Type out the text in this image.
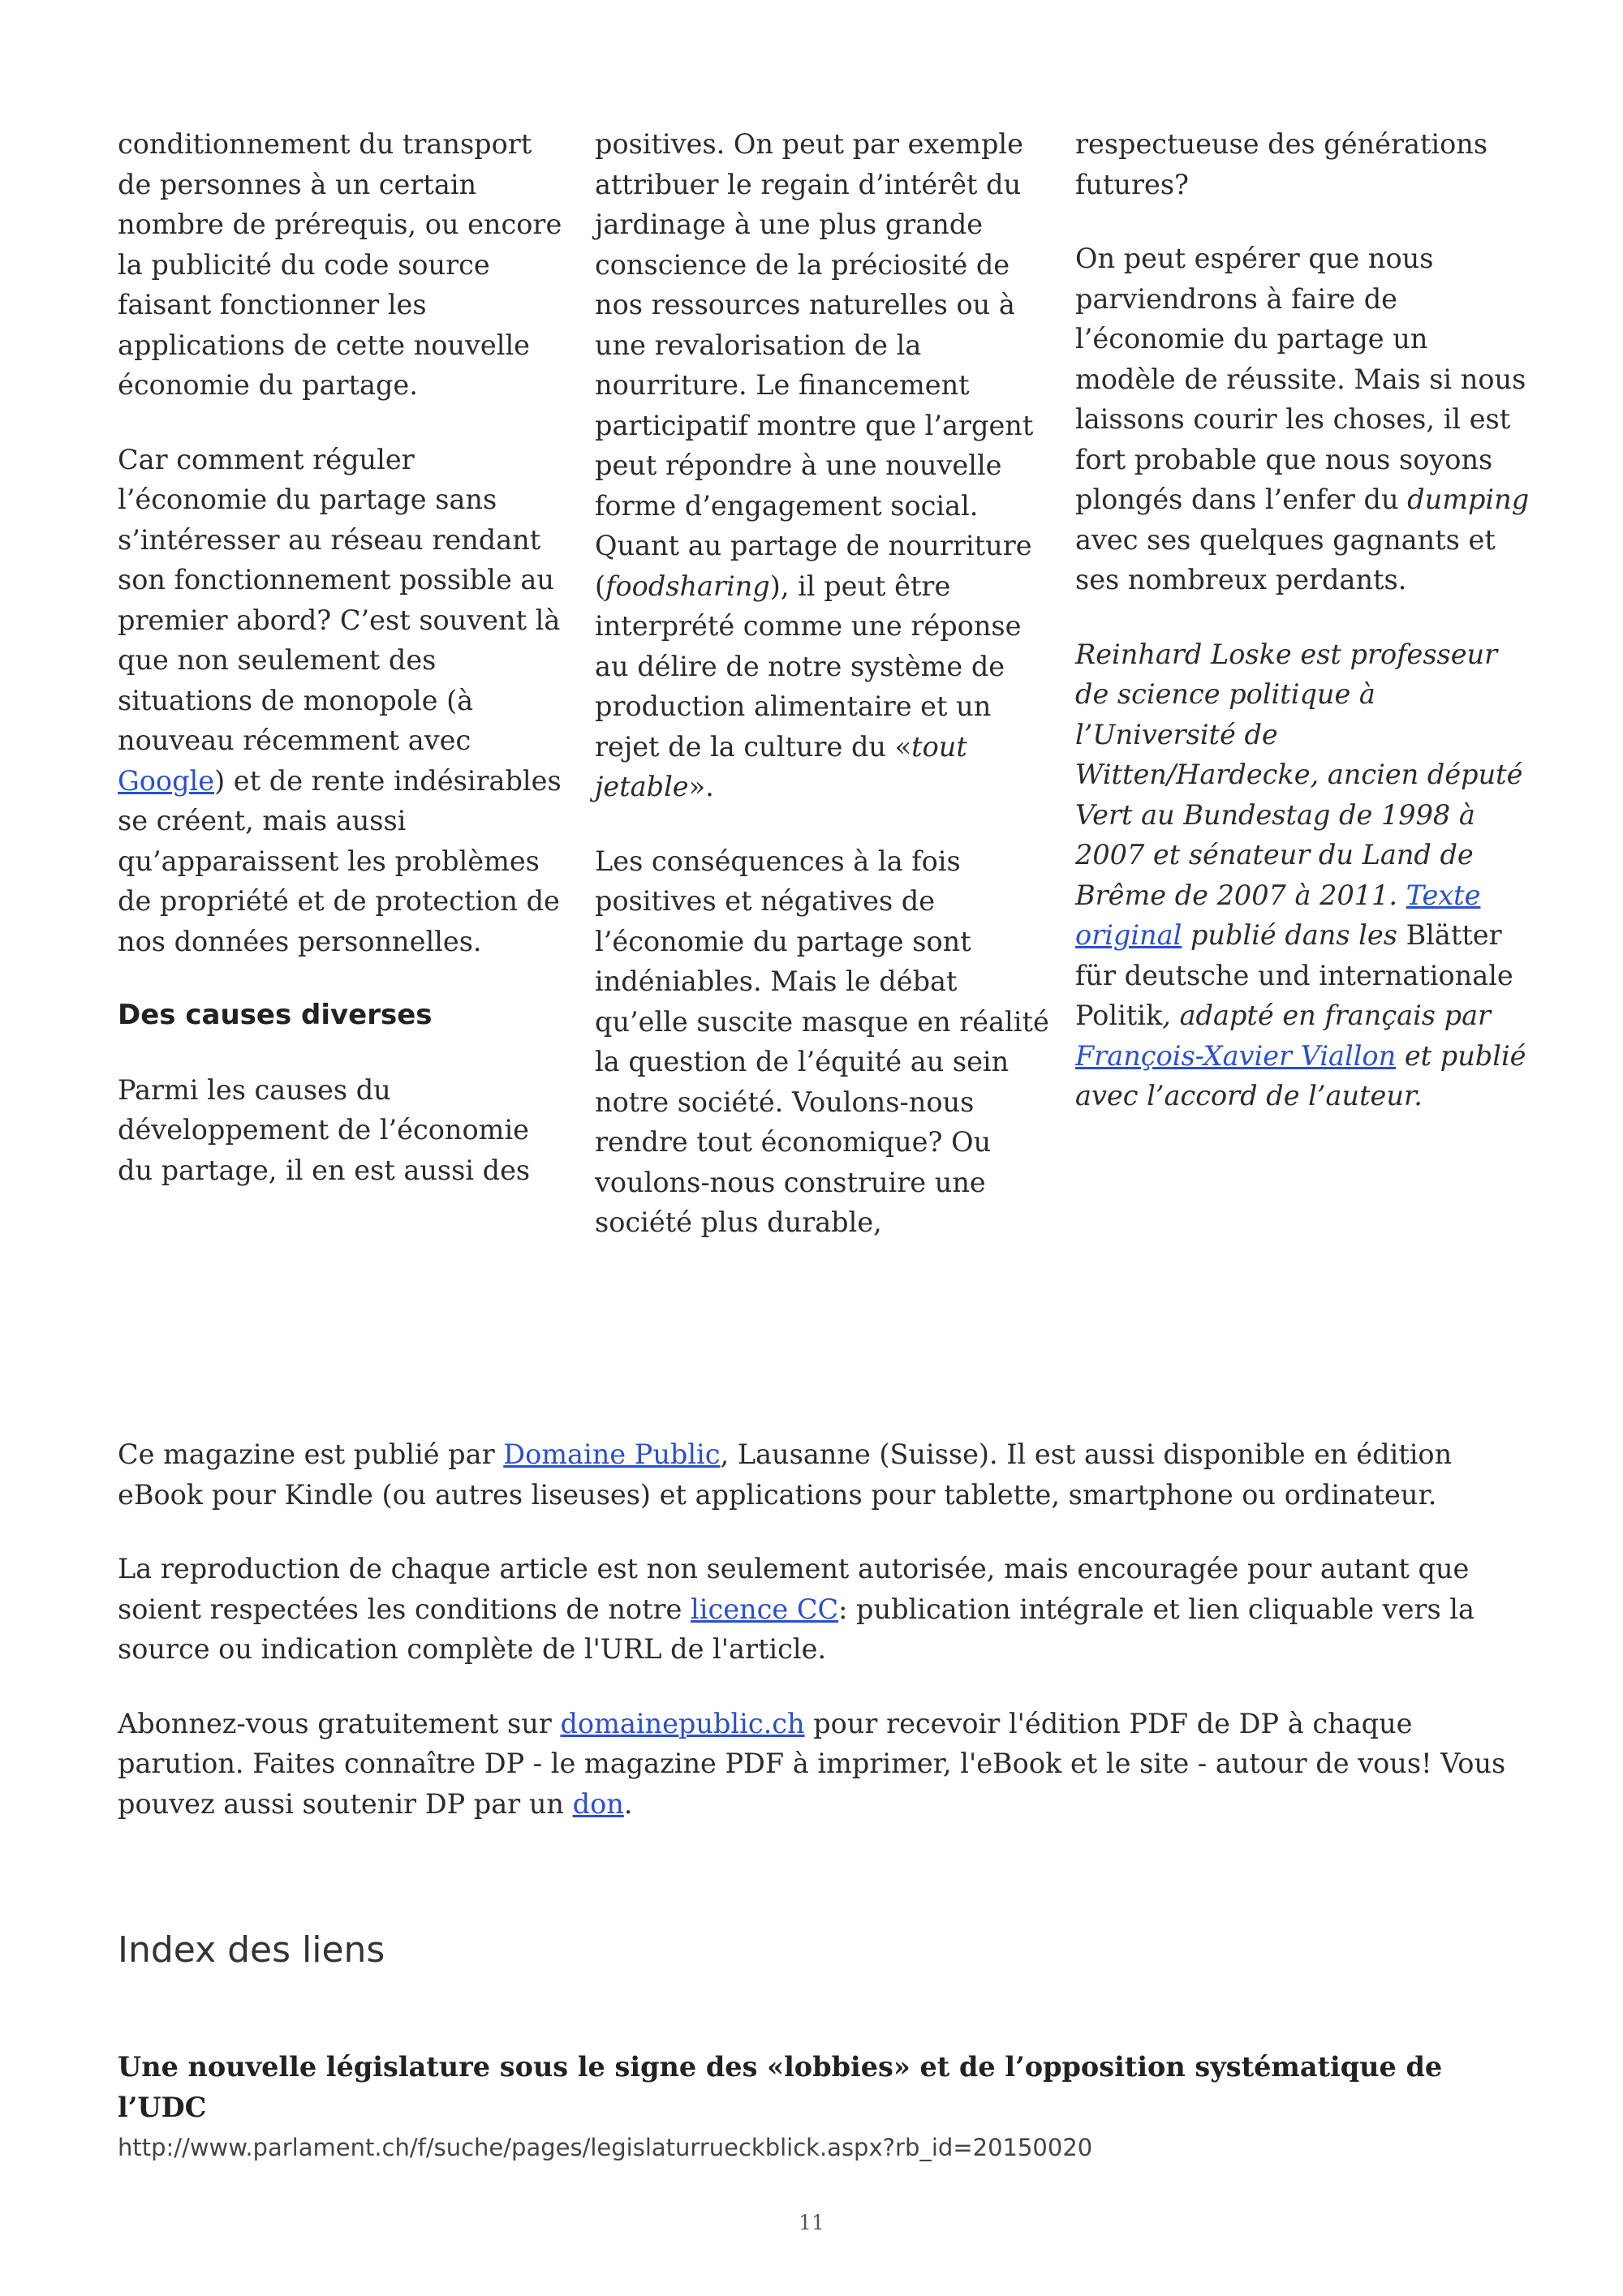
conditionnement du transport de personnes à un certain nombre de prérequis, ou encore la publicité du code source faisant fonctionner les applications de cette nouvelle économie du partage.

Car comment réguler l’économie du partage sans s’intéresser au réseau rendant son fonctionnement possible au premier abord? C’est souvent là que non seulement des situations de monopole (à nouveau récemment avec Google) et de rente indésirables se créent, mais aussi qu’apparaissent les problèmes de propriété et de protection de nos données personnelles.

Des causes diverses

Parmi les causes du développement de l’économie du partage, il en est aussi des

positives. On peut par exemple attribuer le regain d’intérêt du jardinage à une plus grande conscience de la préciosité de nos ressources naturelles ou à une revalorisation de la nourriture. Le financement participatif montre que l’argent peut répondre à une nouvelle forme d’engagement social. Quant au partage de nourriture (foodsharing), il peut être interprété comme une réponse au délire de notre système de production alimentaire et un rejet de la culture du «tout jetable».

Les conséquences à la fois positives et négatives de l’économie du partage sont indéniables. Mais le débat qu’elle suscite masque en réalité la question de l’équité au sein notre société. Voulons-nous rendre tout économique? Ou voulons-nous construire une société plus durable,

respectueuse des générations futures?

On peut espérer que nous parviendrons à faire de l’économie du partage un modèle de réussite. Mais si nous laissons courir les choses, il est fort probable que nous soyons plongés dans l’enfer du dumping avec ses quelques gagnants et ses nombreux perdants.

Reinhard Loske est professeur de science politique à l’Université de Witten/Hardecke, ancien député Vert au Bundestag de 1998 à 2007 et sénateur du Land de Brême de 2007 à 2011. Texte original publié dans les Blätter für deutsche und internationale Politik, adapté en français par François-Xavier Viallon et publié avec l’accord de l’auteur.

Ce magazine est publié par Domaine Public, Lausanne (Suisse). Il est aussi disponible en édition eBook pour Kindle (ou autres liseuses) et applications pour tablette, smartphone ou ordinateur.

La reproduction de chaque article est non seulement autorisée, mais encouragée pour autant que soient respectées les conditions de notre licence CC: publication intégrale et lien cliquable vers la source ou indication complète de l'URL de l'article.

Abonnez-vous gratuitement sur domainepublic.ch pour recevoir l'édition PDF de DP à chaque parution. Faites connaître DP - le magazine PDF à imprimer, l'eBook et le site - autour de vous! Vous pouvez aussi soutenir DP par un don.

Index des liens

Une nouvelle législature sous le signe des «lobbies» et de l’opposition systématique de l’UDC

http://www.parlament.ch/f/suche/pages/legislaturrueckblick.aspx?rb_id=20150020
11
